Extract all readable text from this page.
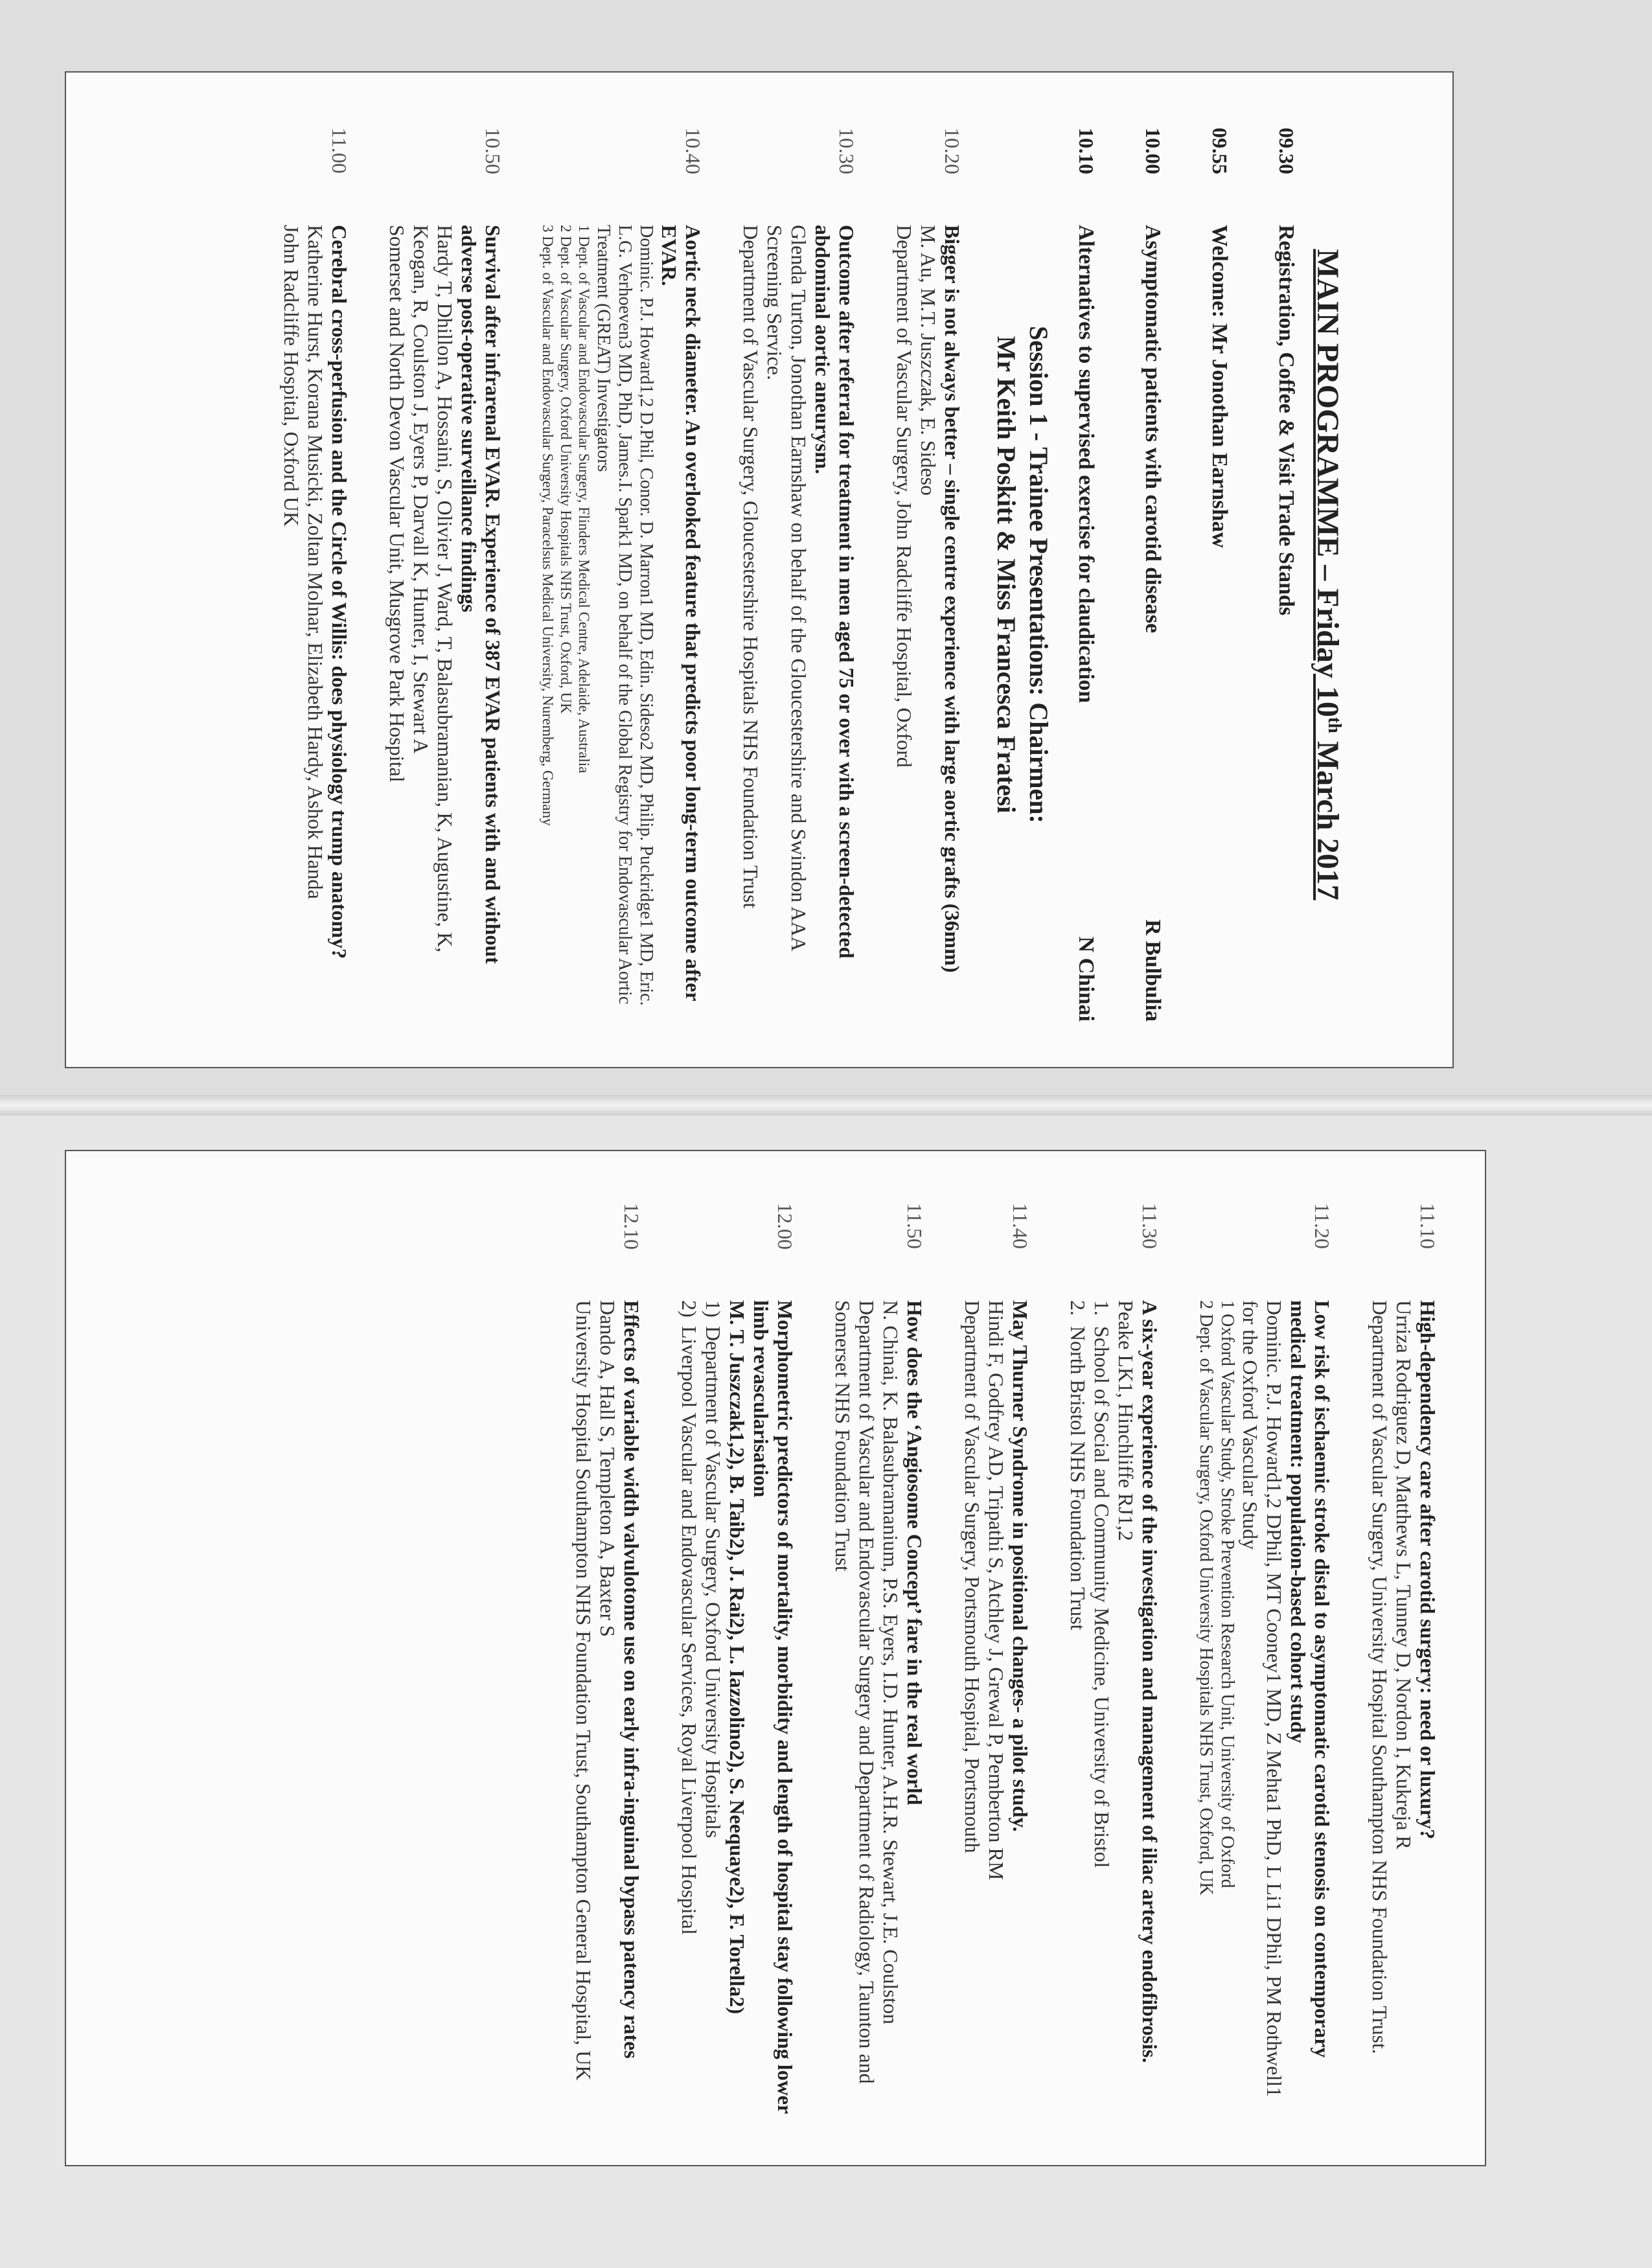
MAIN PROGRAMME – Friday 10th March 2017
09.30
Registration, Coffee & Visit Trade Stands
09.55
Welcome: Mr Jonothan Earnshaw
10.00
Asymptomatic patients with carotid disease
R Bulbulia
10.10
Alternatives to supervised exercise for claudication
N Chinai
Session 1 - Trainee Presentations: Chairmen:
Mr Keith Poskitt & Miss Francesca Fratesi
10.20
Bigger is not always better – single centre experience with large aortic grafts (36mm)
M. Au, M.T. Juszczak, E. Sideso
Department of Vascular Surgery, John Radcliffe Hospital, Oxford
10.30
Outcome after referral for treatment in men aged 75 or over with a screen-detected abdominal aortic aneurysm.
Glenda Turton, Jonothan Earnshaw on behalf of the Gloucestershire and Swindon AAA Screening Service.
Department of Vascular Surgery, Gloucestershire Hospitals NHS Foundation Trust
10.40
Aortic neck diameter. An overlooked feature that predicts poor long-term outcome after EVAR.
Dominic. P.J. Howard1,2 D.Phil, Conor. D. Marron1 MD, Edin. Sideso2 MD, Philip. Puckridge1 MD, Eric. L.G. Verhoeven3 MD, PhD, James.I. Spark1 MD, on behalf of the Global Registry for Endovascular Aortic Treatment (GREAT) Investigators
1 Dept. of Vascular and Endovascular Surgery, Flinders Medical Centre, Adelaide, Australia
2 Dept. of Vascular Surgery, Oxford University Hospitals NHS Trust, Oxford, UK
3 Dept. of Vascular and Endovascular Surgery, Paracelsus Medical University, Nuremberg, Germany
10.50
Survival after infrarenal EVAR. Experience of 387 EVAR patients with and without adverse post-operative surveillance findings
Hardy T, Dhillon A, Hossaini, S, Olivier J, Ward, T, Balasubramanian, K, Augustine, K, Keogan, R, Coulston J, Eyers P, Darvall K, Hunter, I, Stewart A
Somerset and North Devon Vascular Unit, Musgrove Park Hospital
11.00
Cerebral cross-perfusion and the Circle of Willis: does physiology trump anatomy?
Katherine Hurst, Korana Musicki, Zoltan Molnar, Elizabeth Hardy, Ashok Handa
John Radcliffe Hospital, Oxford UK
11.10
High-dependency care after carotid surgery: need or luxury?
Urriza Rodriguez D, Matthews L, Tunney D, Nordon I, Kukreja R
Department of Vascular Surgery, University Hospital Southampton NHS Foundation Trust.
11.20
Low risk of ischaemic stroke distal to asymptomatic carotid stenosis on contemporary medical treatment: population-based cohort study
Dominic. P.J. Howard1,2 DPhil, MT Cooney1 MD, Z Mehta1 PhD, L Li1 DPhil, PM Rothwell1 for the Oxford Vascular Study
1 Oxford Vascular Study, Stroke Prevention Research Unit, University of Oxford
2 Dept. of Vascular Surgery, Oxford University Hospitals NHS Trust, Oxford, UK
11.30
A six-year experience of the investigation and management of iliac artery endofibrosis.
Peake LK1, Hinchliffe RJ1,2
1.
School of Social and Community Medicine, University of Bristol
2.
North Bristol NHS Foundation Trust
11.40
May Thurner Syndrome in positional changes- a pilot study.
Hindi F, Godfrey AD, Tripathi S, Atchley J, Grewal P, Pemberton RM
Department of Vascular Surgery, Portsmouth Hospital, Portsmouth
11.50
How does the ‘Angiosome Concept’ fare in the real world
N. Chinai, K. Balasubramanium, P.S. Eyers, I.D. Hunter, A.H.R. Stewart, J.E. Coulston
Department of Vascular and Endovascular Surgery and Department of Radiology, Taunton and Somerset NHS Foundation Trust
12.00
Morphometric predictors of mortality, morbidity and length of hospital stay following lower limb revascularisation
M. T. Juszczak1,2), B. Taib2), J. Rai2), L. Iazzolino2), S. Neequaye2), F. Torella2)
1)
Department of Vascular Surgery, Oxford University Hospitals
2)
Liverpool Vascular and Endovascular Services, Royal Liverpool Hospital
12.10
Effects of variable width valvulotome use on early infra-inguinal bypass patency rates
Dando A, Hall S, Templeton A, Baxter S
University Hospital Southampton NHS Foundation Trust, Southampton General Hospital, UK
